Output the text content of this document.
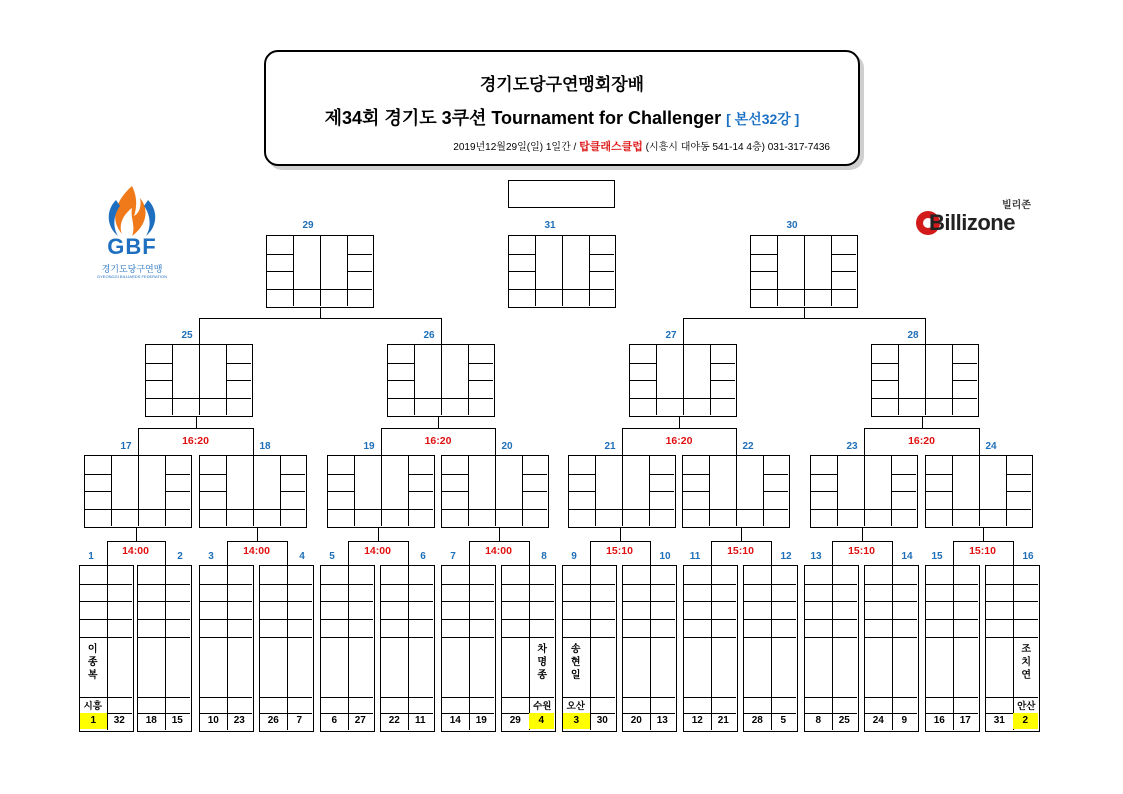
경기도당구연맹회장배
제34회 경기도 3쿠션 Tournament for Challenger [ 본선32강 ]
2019년12월29일(일) 1일간 / 탑클래스클럽 (시흥시 대야동 541-14 4층) 031-317-7436
GBF
경기도당구연맹
GYEONGGI BILLIARDS FEDERATION
빌리존
Billizone
1	32
1
이
종
복
시흥
18	15
2
10	23
3
26	7
4
6	27
5
22	11
6
14	19
7
29	4
8
차
명
종
수원
3	30
9
송
현
일
오산
20	13
10
12	21
11
28	5
12
8	25
13
24	9
14
16	17
15
31	2
16
조
치
연
안산
14:00	14:00	14:00	14:00	15:10	15:10	15:10	15:10
17	18	19	20	21	22	23	24
16:20	16:20	16:20	16:20
25	26	27	28
29	30
31
